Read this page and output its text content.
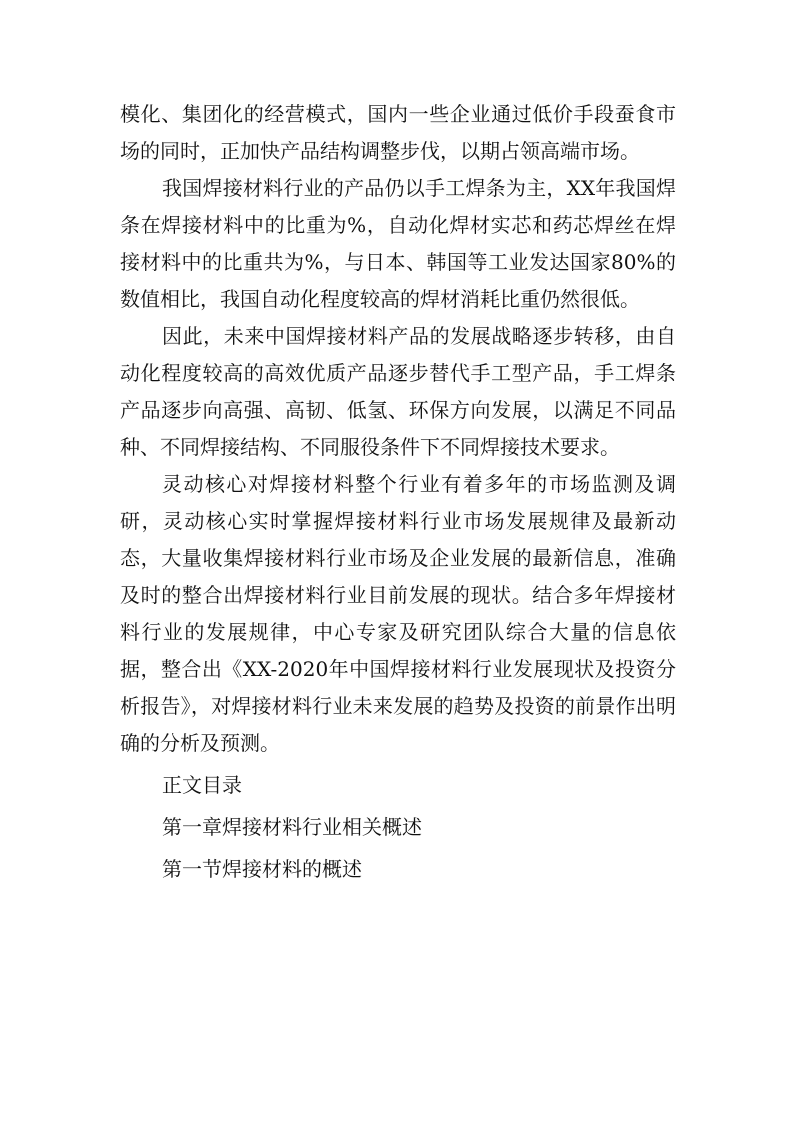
模化、集团化的经营模式，国内一些企业通过低价手段蚕食市场的同时，正加快产品结构调整步伐，以期占领高端市场。

我国焊接材料行业的产品仍以手工焊条为主，XX年我国焊条在焊接材料中的比重为%，自动化焊材实芯和药芯焊丝在焊接材料中的比重共为%，与日本、韩国等工业发达国家80%的数值相比，我国自动化程度较高的焊材消耗比重仍然很低。

因此，未来中国焊接材料产品的发展战略逐步转移，由自动化程度较高的高效优质产品逐步替代手工型产品，手工焊条产品逐步向高强、高韧、低氢、环保方向发展，以满足不同品种、不同焊接结构、不同服役条件下不同焊接技术要求。

灵动核心对焊接材料整个行业有着多年的市场监测及调研，灵动核心实时掌握焊接材料行业市场发展规律及最新动态，大量收集焊接材料行业市场及企业发展的最新信息，准确及时的整合出焊接材料行业目前发展的现状。结合多年焊接材料行业的发展规律，中心专家及研究团队综合大量的信息依据，整合出《XX-2020年中国焊接材料行业发展现状及投资分析报告》，对焊接材料行业未来发展的趋势及投资的前景作出明确的分析及预测。

正文目录
第一章焊接材料行业相关概述
第一节焊接材料的概述
